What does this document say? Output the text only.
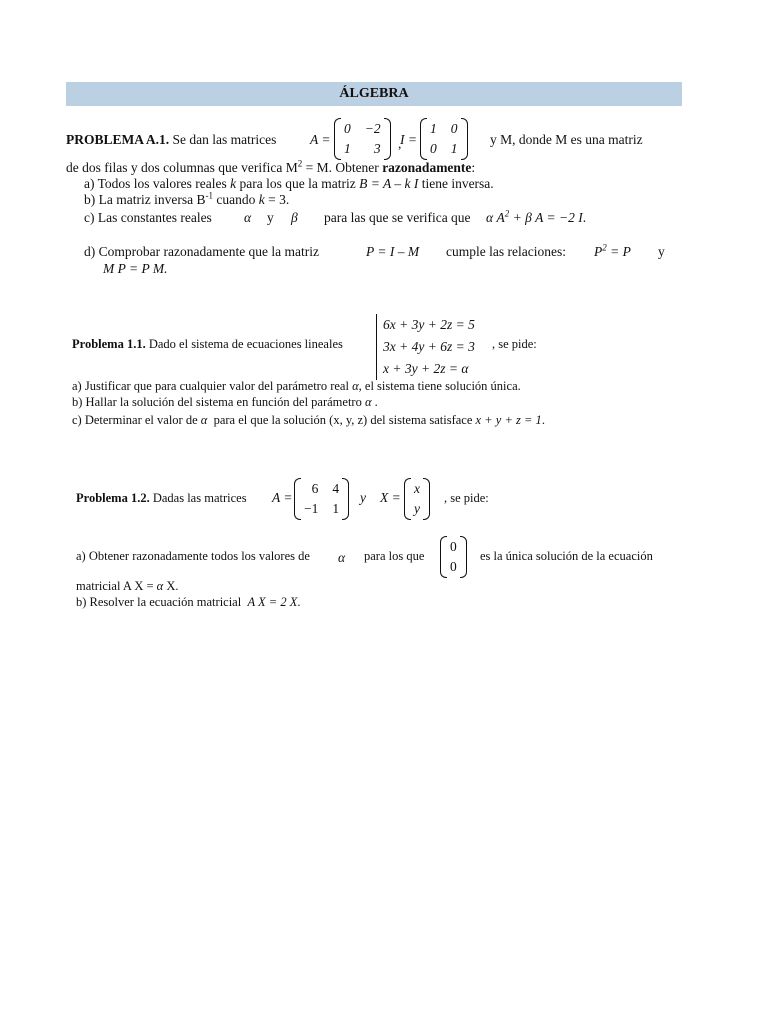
ÁLGEBRA
PROBLEMA A.1. Se dan las matrices A =
0 −2
1	3 ,
I =
1 0
0 1
y M, donde M es una matriz
de dos filas y dos columnas que verifica $M^2 = M$. Obtener razonadamente:
a) Todos los valores reales k para los que la matriz B = A – k I tiene inversa.
b) La matriz inversa $B^{-1}$ cuando k = 3.
c) Las constantes reales α y β para las que se verifica que α $A^2 + \beta$ A = −2 I.
d) Comprobar razonadamente que la matriz	P = I – M cumple las relaciones: $P^2 = P$ y
M P = P M.
Problema 1.1. Dado el sistema de ecuaciones lineales
6x + 3y + 2z = 5
3x + 4y + 6z = 3
x + 3y + 2z = α
, se pide:
a) Justificar que para cualquier valor del parámetro real α, el sistema tiene solución única.
b) Hallar la solución del sistema en función del parámetro α .
c) Determinar el valor de α para el que la solución (x, y, z) del sistema satisface x + y + z = 1.
Problema 1.2. Dadas las matrices A =
6 4
−1 1
y X =
x
y
, se pide:
a) Obtener razonadamente todos los valores de α para los que
0
0
es la única solución de la ecuación
matricial A X = α X.
b) Resolver la ecuación matricial A X = 2 X.
